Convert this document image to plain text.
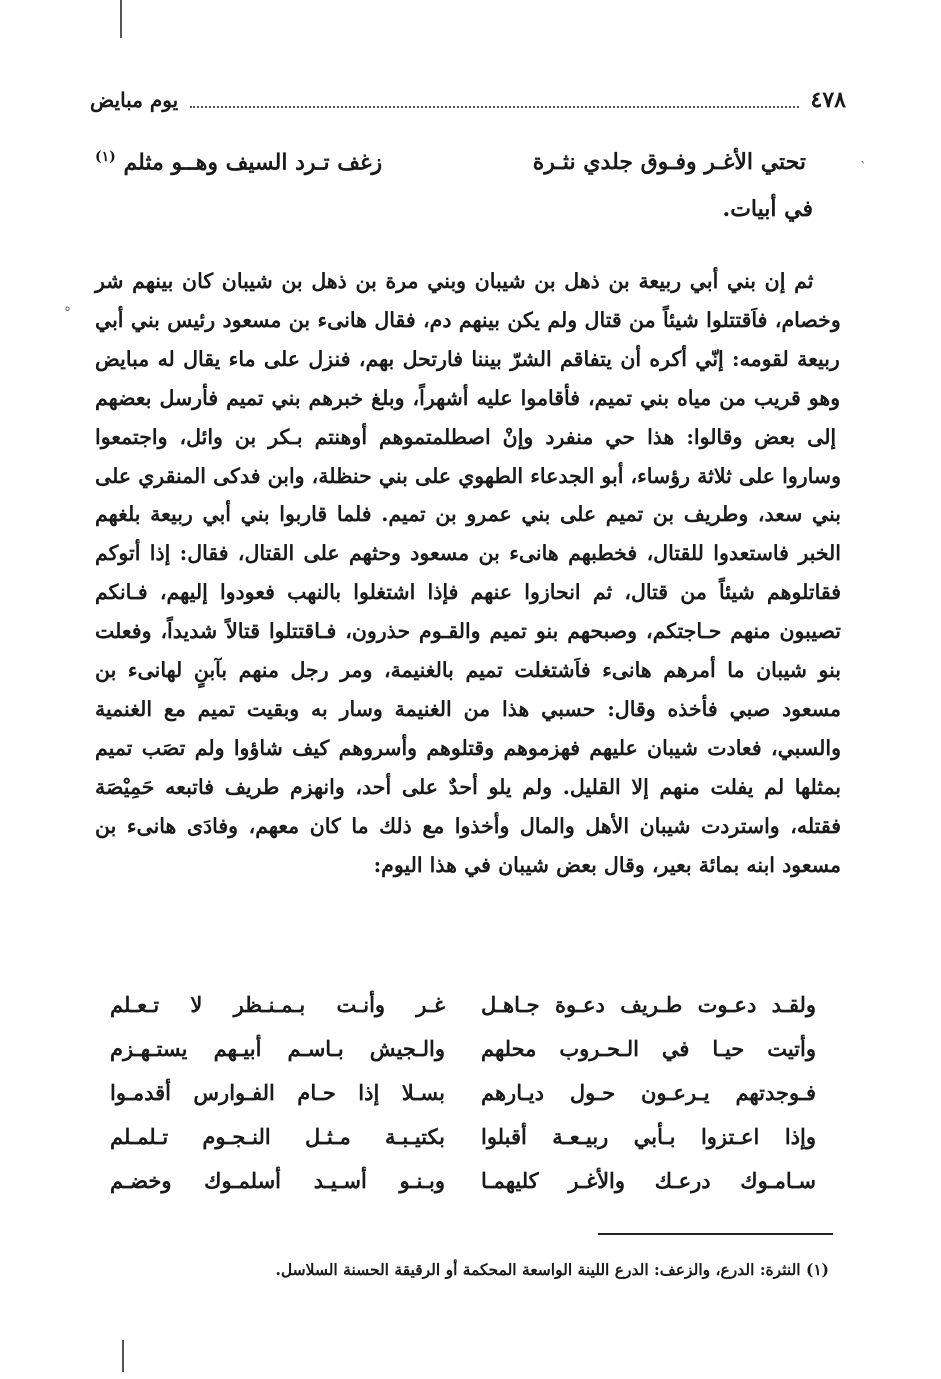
ˋ
°
٤٧٨
يوم مبايض
تحتي الأغـر وفـوق جلدي نثـرة
زغف تـرد السيف وهــو مثلم $^{(١)}$
في أبيات.

ثم إن بني أبي ربيعة بن ذهل بن شيبان وبني مرة بن ذهل بن شيبان كان بينهم شر وخصام، فاَقتتلوا شيئاً من قتال ولم يكن بينهم دم، فقال هانىء بن مسعود رئيس بني أبي ربيعة لقومه: إنّي أكره أن يتفاقم الشرّ بيننا فارتحل بهم، فنزل على ماء يقال له مبايض وهو قريب من مياه بني تميم، فأقاموا عليه أشهراً، وبلغ خبرهم بني تميم فأرسل بعضهم إلى بعض وقالوا: هذا حي منفرد وإنْ اصطلمتموهم أوهنتم بـكر بن وائل، واجتمعوا وساروا على ثلاثة رؤساء، أبو الجدعاء الطهوي على بني حنظلة، وابن فدكى المنقري على بني سعد، وطريف بن تميم على بني عمرو بن تميم. فلما قاربوا بني أبي ربيعة بلغهم الخبر فاستعدوا للقتال، فخطبهم هانىء بن مسعود وحثهم على القتال، فقال: إذا أتوكم فقاتلوهم شيئاً من قتال، ثم انحازوا عنهم فإذا اشتغلوا بالنهب فعودوا إليهم، فـانكم تصيبون منهم حـاجتكم، وصبحهم بنو تميم والقـوم حذرون، فـاقتتلوا قتالاً شديداً، وفعلت بنو شيبان ما أمرهم هانىء فاَشتغلت تميم بالغنيمة، ومر رجل منهم بآبنٍ لهانىء بن مسعود صبي فأخذه وقال: حسبي هذا من الغنيمة وسار به وبقيت تميم مع الغنمية والسبي، فعادت شيبان عليهم فهزموهم وقتلوهم وأسروهم كيف شاؤوا ولم تصَب تميم بمثلها لم يفلت منهم إلا القليل. ولم يلو أحدٌ على أحد، وانهزم طريف فاتبعه حَمِيْصَة فقتله، واستردت شيبان الأهل والمال وأخذوا مع ذلك ما كان معهم، وفادَى هانىء بن مسعود ابنه بمائة بعير، وقال بعض شيبان في هذا اليوم:

ولقـد دعـوت طـريف دعـوة جـاهـل
غـر وأنـت بـمـنـظر لا تـعـلم
وأتيت حيـا في الـحـروب محلهم
والـجيش بـاسـم أبيـهم يستـهـزم
فـوجدتهم يـرعـون حـول ديـارهم
بسـلا إذا حـام الفـوارس أقدمـوا
وإذا اعـتزوا بـأبي ربيـعـة أقبلوا
بكتيـبـة مـثـل النـجـوم تـلمـلم
سـامـوك درعـك والأغـر كليهمـا
وبـنـو أسـيـد أسلمـوك وخضـم
(١) النثرة: الدرع، والزعف: الدرع اللينة الواسعة المحكمة أو الرقيقة الحسنة السلاسل.
